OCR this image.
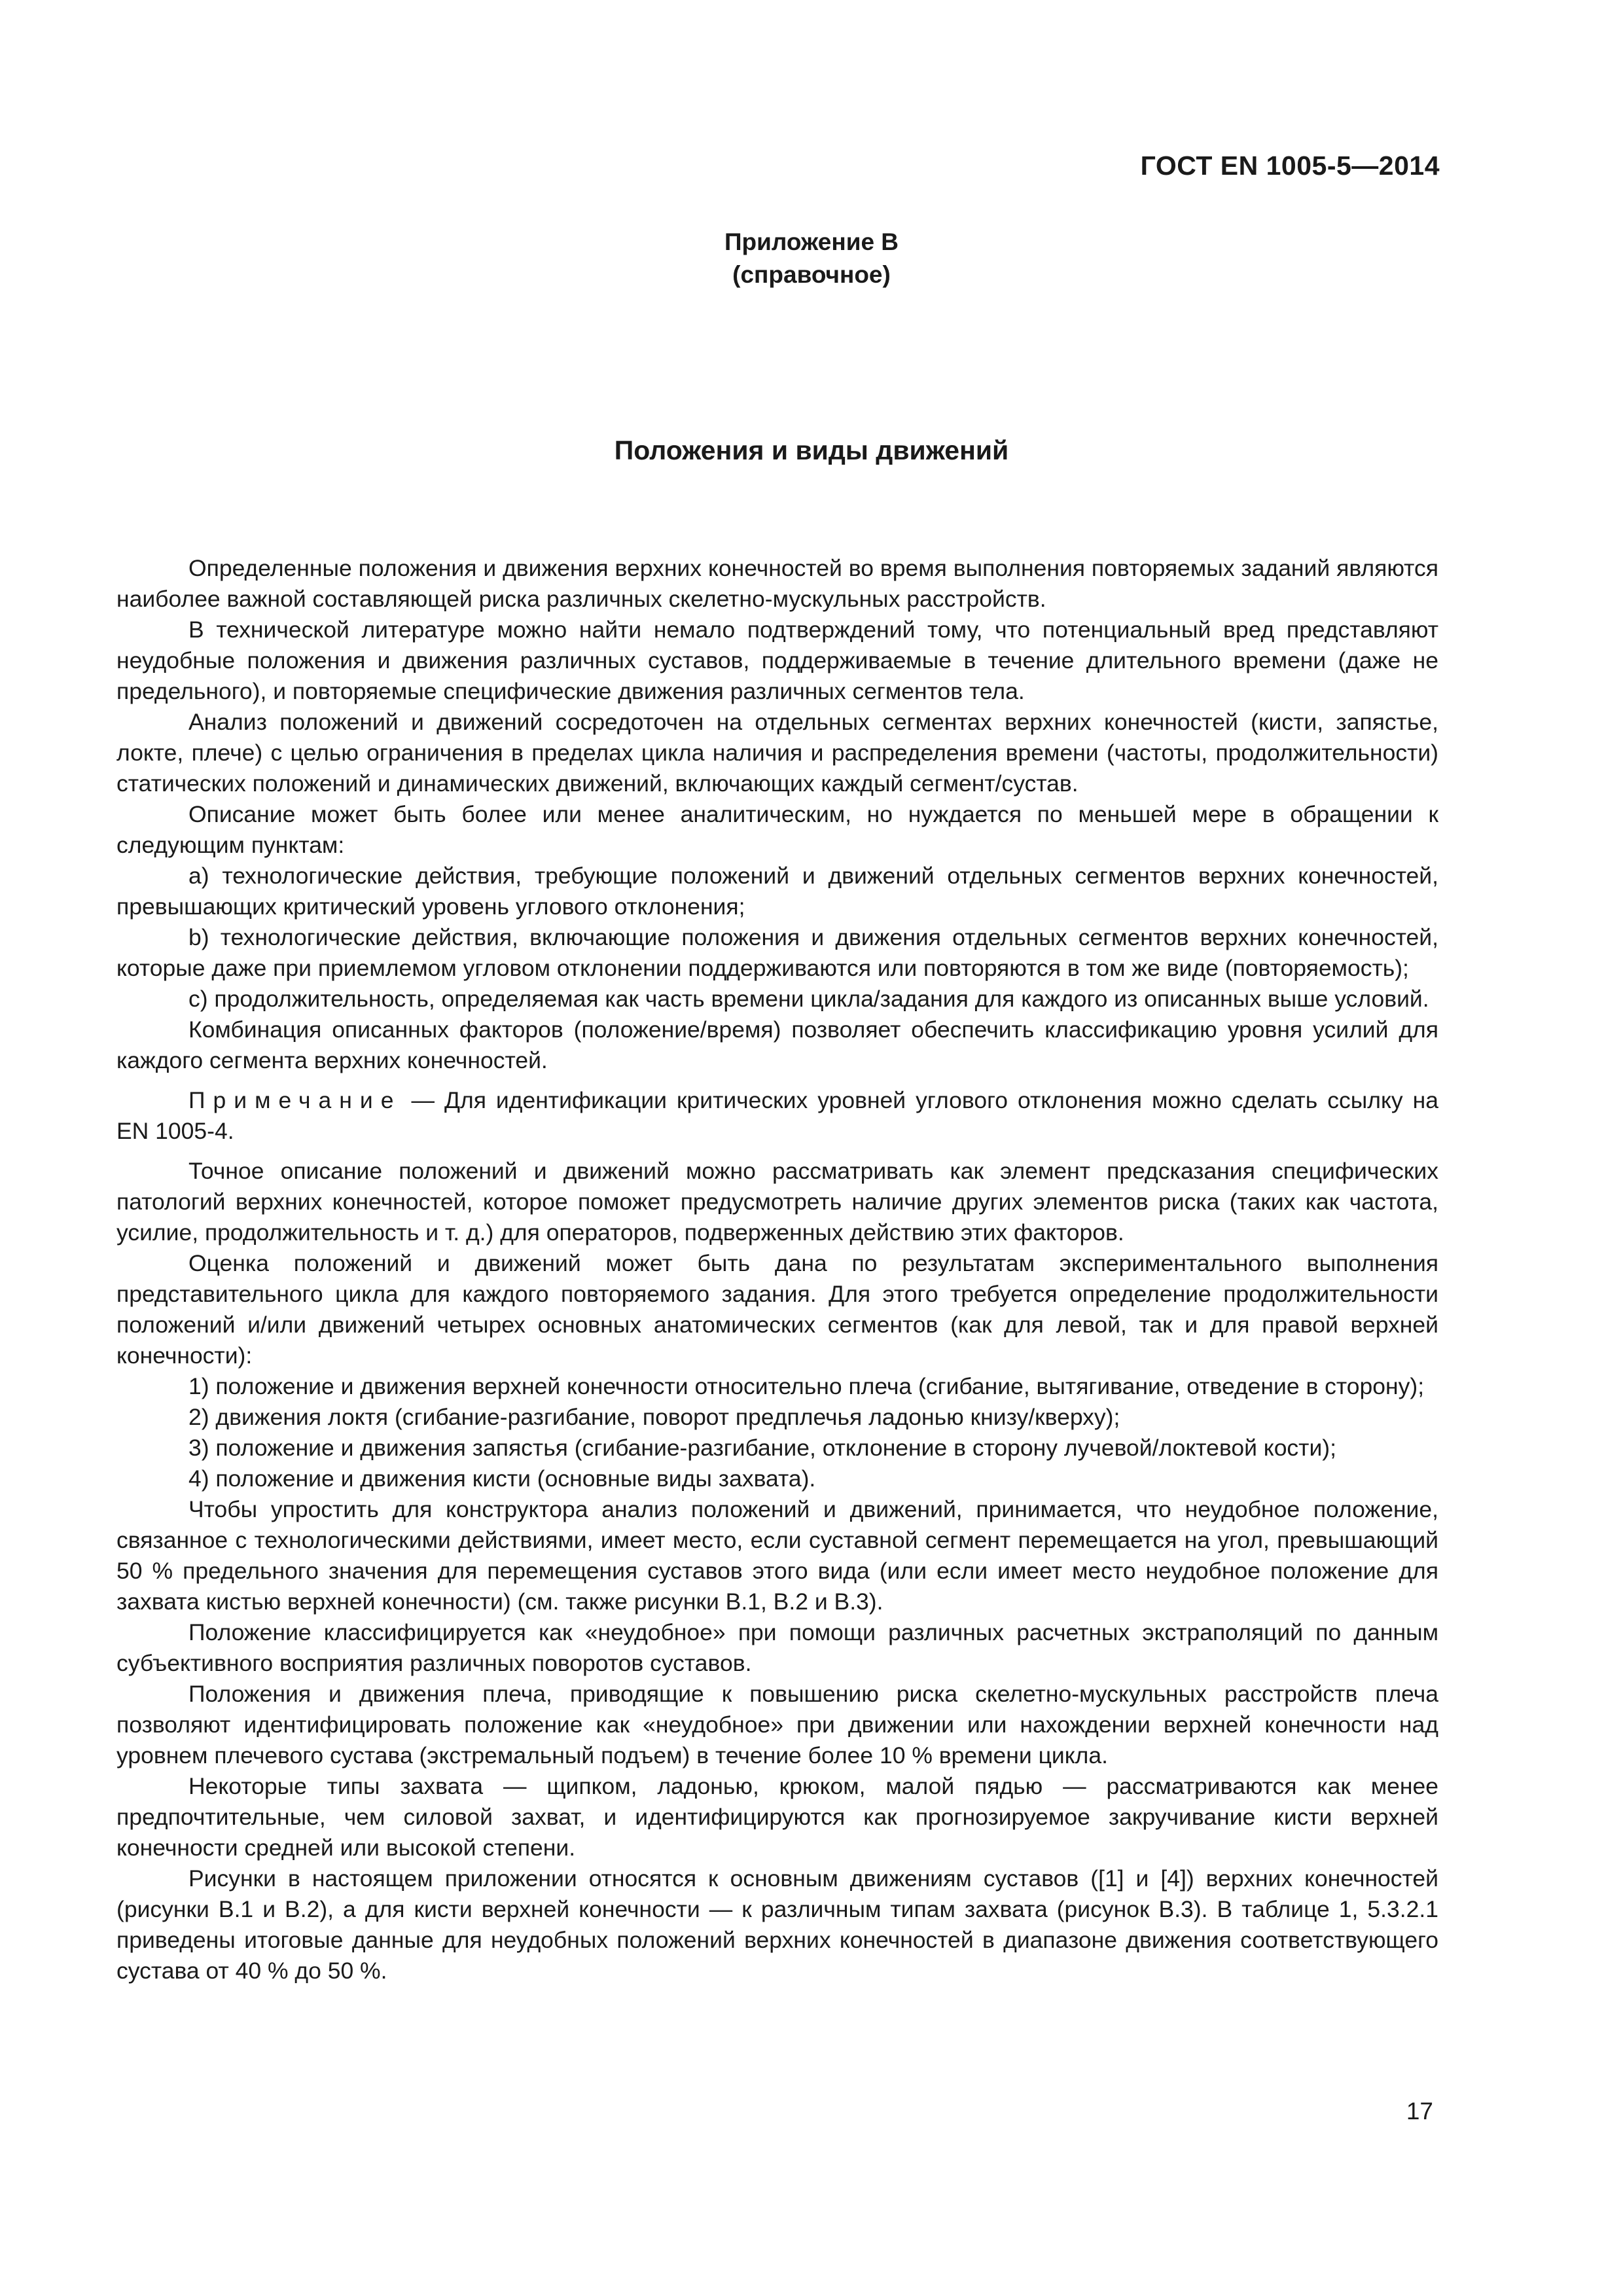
ГОСТ EN 1005-5—2014
Приложение В
(справочное)
Положения и виды движений

Определенные положения и движения верхних конечностей во время выполнения повторяемых заданий являются наиболее важной составляющей риска различных скелетно-мускульных расстройств.

В технической литературе можно найти немало подтверждений тому, что потенциальный вред представляют неудобные положения и движения различных суставов, поддерживаемые в течение длительного времени (даже не предельного), и повторяемые специфические движения различных сегментов тела.

Анализ положений и движений сосредоточен на отдельных сегментах верхних конечностей (кисти, запястье, локте, плече) с целью ограничения в пределах цикла наличия и распределения времени (частоты, продолжительности) статических положений и динамических движений, включающих каждый сегмент/сустав.

Описание может быть более или менее аналитическим, но нуждается по меньшей мере в обращении к следующим пунктам:

a) технологические действия, требующие положений и движений отдельных сегментов верхних конечностей, превышающих критический уровень углового отклонения;

b) технологические действия, включающие положения и движения отдельных сегментов верхних конечностей, которые даже при приемлемом угловом отклонении поддерживаются или повторяются в том же виде (повторяемость);

c) продолжительность, определяемая как часть времени цикла/задания для каждого из описанных выше условий.

Комбинация описанных факторов (положение/время) позволяет обеспечить классификацию уровня усилий для каждого сегмента верхних конечностей.

Примечание — Для идентификации критических уровней углового отклонения можно сделать ссылку на EN 1005-4.

Точное описание положений и движений можно рассматривать как элемент предсказания специфических патологий верхних конечностей, которое поможет предусмотреть наличие других элементов риска (таких как частота, усилие, продолжительность и т. д.) для операторов, подверженных действию этих факторов.

Оценка положений и движений может быть дана по результатам экспериментального выполнения представительного цикла для каждого повторяемого задания. Для этого требуется определение продолжительности положений и/или движений четырех основных анатомических сегментов (как для левой, так и для правой верхней конечности):

1) положение и движения верхней конечности относительно плеча (сгибание, вытягивание, отведение в сторону);

2) движения локтя (сгибание-разгибание, поворот предплечья ладонью книзу/кверху);

3) положение и движения запястья (сгибание-разгибание, отклонение в сторону лучевой/локтевой кости);

4) положение и движения кисти (основные виды захвата).

Чтобы упростить для конструктора анализ положений и движений, принимается, что неудобное положение, связанное с технологическими действиями, имеет место, если суставной сегмент перемещается на угол, превышающий 50 % предельного значения для перемещения суставов этого вида (или если имеет место неудобное положение для захвата кистью верхней конечности) (см. также рисунки В.1, В.2 и В.3).

Положение классифицируется как «неудобное» при помощи различных расчетных экстраполяций по данным субъективного восприятия различных поворотов суставов.

Положения и движения плеча, приводящие к повышению риска скелетно-мускульных расстройств плеча позволяют идентифицировать положение как «неудобное» при движении или нахождении верхней конечности над уровнем плечевого сустава (экстремальный подъем) в течение более 10 % времени цикла.

Некоторые типы захвата — щипком, ладонью, крюком, малой пядью — рассматриваются как менее предпочтительные, чем силовой захват, и идентифицируются как прогнозируемое закручивание кисти верхней конечности средней или высокой степени.

Рисунки в настоящем приложении относятся к основным движениям суставов ([1] и [4]) верхних конечностей (рисунки В.1 и В.2), а для кисти верхней конечности — к различным типам захвата (рисунок В.3). В таблице 1, 5.3.2.1 приведены итоговые данные для неудобных положений верхних конечностей в диапазоне движения соответствующего сустава от 40 % до 50 %.

17
